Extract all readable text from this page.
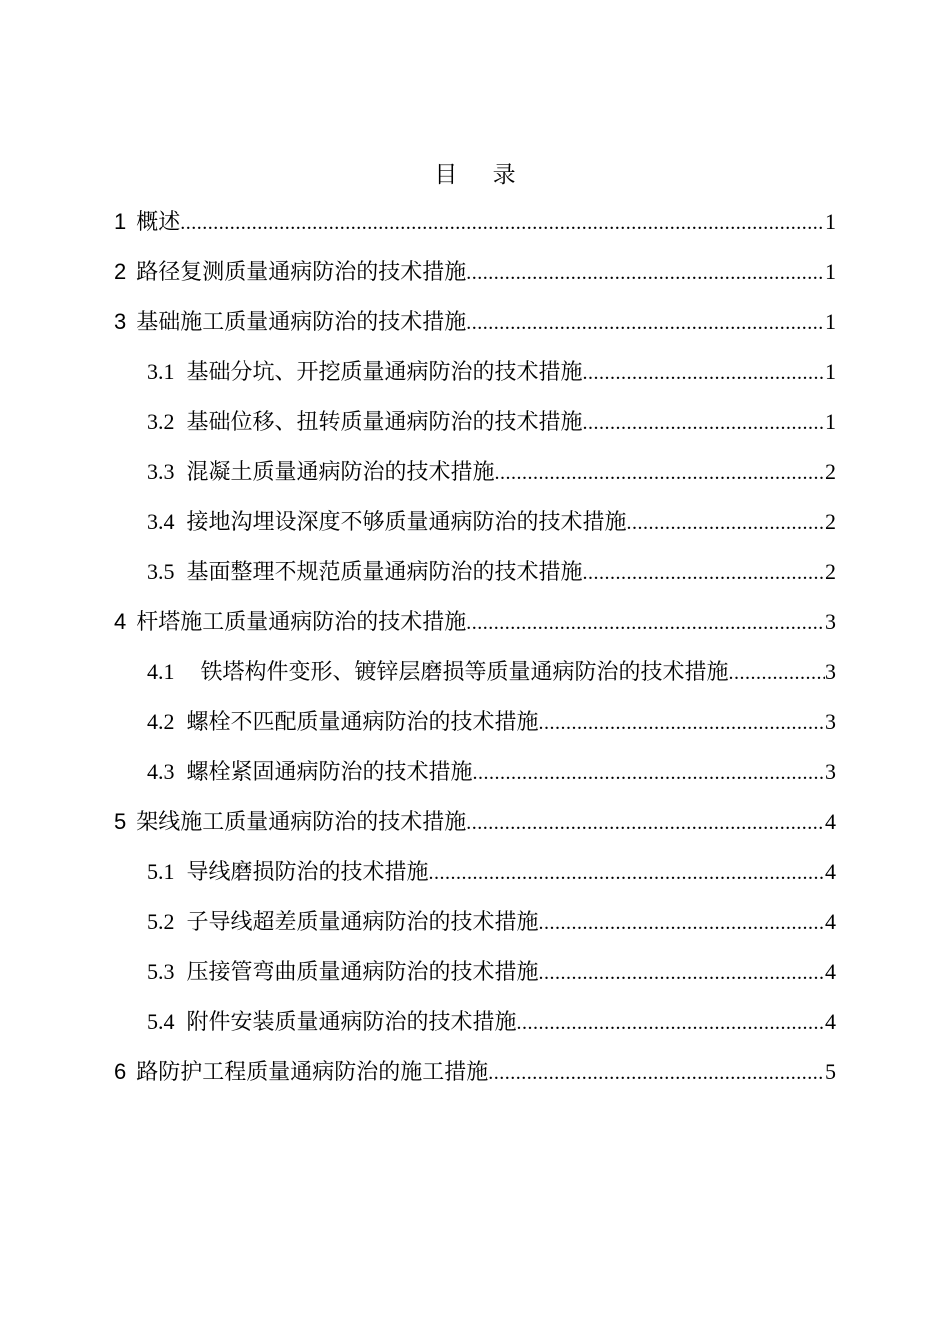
目 录
1 概述 .....	1
2 路径复测质量通病防治的技术措施 .....	1
3 基础施工质量通病防治的技术措施 .....	1
3.1 基础分坑、开挖质量通病防治的技术措施 .....	1
3.2 基础位移、扭转质量通病防治的技术措施 .....	1
3.3 混凝土质量通病防治的技术措施 .....	2
3.4 接地沟埋设深度不够质量通病防治的技术措施 .....	2
3.5 基面整理不规范质量通病防治的技术措施 .....	2
4 杆塔施工质量通病防治的技术措施 .....	3
4.1 铁塔构件变形、镀锌层磨损等质量通病防治的技术措施 .....	3
4.2 螺栓不匹配质量通病防治的技术措施 .....	3
4.3 螺栓紧固通病防治的技术措施 .....	3
5 架线施工质量通病防治的技术措施 .....	4
5.1 导线磨损防治的技术措施 .....	4
5.2 子导线超差质量通病防治的技术措施 .....	4
5.3 压接管弯曲质量通病防治的技术措施 .....	4
5.4 附件安装质量通病防治的技术措施 .....	4
6 路防护工程质量通病防治的施工措施 .....	5
